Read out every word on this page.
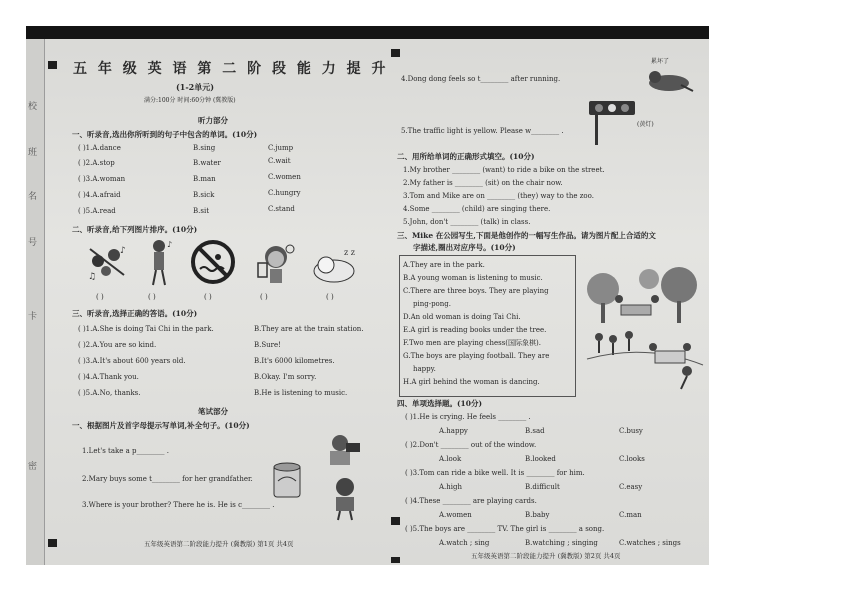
校
班
名
号
卡
密
五 年 级 英 语 第 二 阶 段 能 力 提 升
(1-2单元)
满分:100分 时间:60分钟 (冀教版)
听力部分
一、听录音,选出你所听到的句子中包含的单词。(10分)
( )1.A.dance	B.sing	C.jump
( )2.A.stop	B.water	C.wait
( )3.A.woman	B.man	C.women
( )4.A.afraid	B.sick	C.hungry
( )5.A.read	B.sit	C.stand
二、听录音,给下列图片排序。(10分)
♪
♫
♪
z z
( )	( )	( )	( )	( )
三、听录音,选择正确的答语。(10分)
( )1.A.She is doing Tai Chi in the park.	B.They are at the train station.
( )2.A.You are so kind.	B.Sure!
( )3.A.It's about 600 years old.	B.It's 6000 kilometres.
( )4.A.Thank you.	B.Okay. I'm sorry.
( )5.A.No, thanks.	B.He is listening to music.
笔试部分
一、根据图片及首字母提示写单词,补全句子。(10分)
1.Let's take a p________ .
2.Mary buys some t________ for her grandfather.
3.Where is your brother? There he is. He is c________ .
五年级英语第二阶段能力提升 (冀教版) 第1页 共4页
4.Dong dong feels so t________ after running.
累坏了
5.The traffic light is yellow. Please w________ .
(黄灯)
二、用所给单词的正确形式填空。(10分)
1.My brother ________ (want) to ride a bike on the street.
2.My father is ________ (sit) on the chair now.
3.Tom and Mike are on ________ (they) way to the zoo.
4.Some ________ (child) are singing there.
5.John, don't ________ (talk) in class.
三、Mike 在公园写生,下面是他创作的一幅写生作品。请为图片配上合适的文
字描述,圈出对应序号。(10分)
A.They are in the park.
B.A young woman is listening to music.
C.There are three boys. They are playing
ping-pong.
D.An old woman is doing Tai Chi.
E.A girl is reading books under the tree.
F.Two men are playing chess(国际象棋).
G.The boys are playing football. They are
happy.
H.A girl behind the woman is dancing.
四、单项选择题。(10分)
( )1.He is crying. He feels ________ .
A.happy	B.sad	C.busy
( )2.Don't ________ out of the window.
A.look	B.looked	C.looks
( )3.Tom can ride a bike well. It is ________ for him.
A.high	B.difficult	C.easy
( )4.These ________ are playing cards.
A.women	B.baby	C.man
( )5.The boys are ________ TV. The girl is ________ a song.
A.watch ; sing	B.watching ; singing	C.watches ; sings
五年级英语第二阶段能力提升 (冀教版) 第2页 共4页
